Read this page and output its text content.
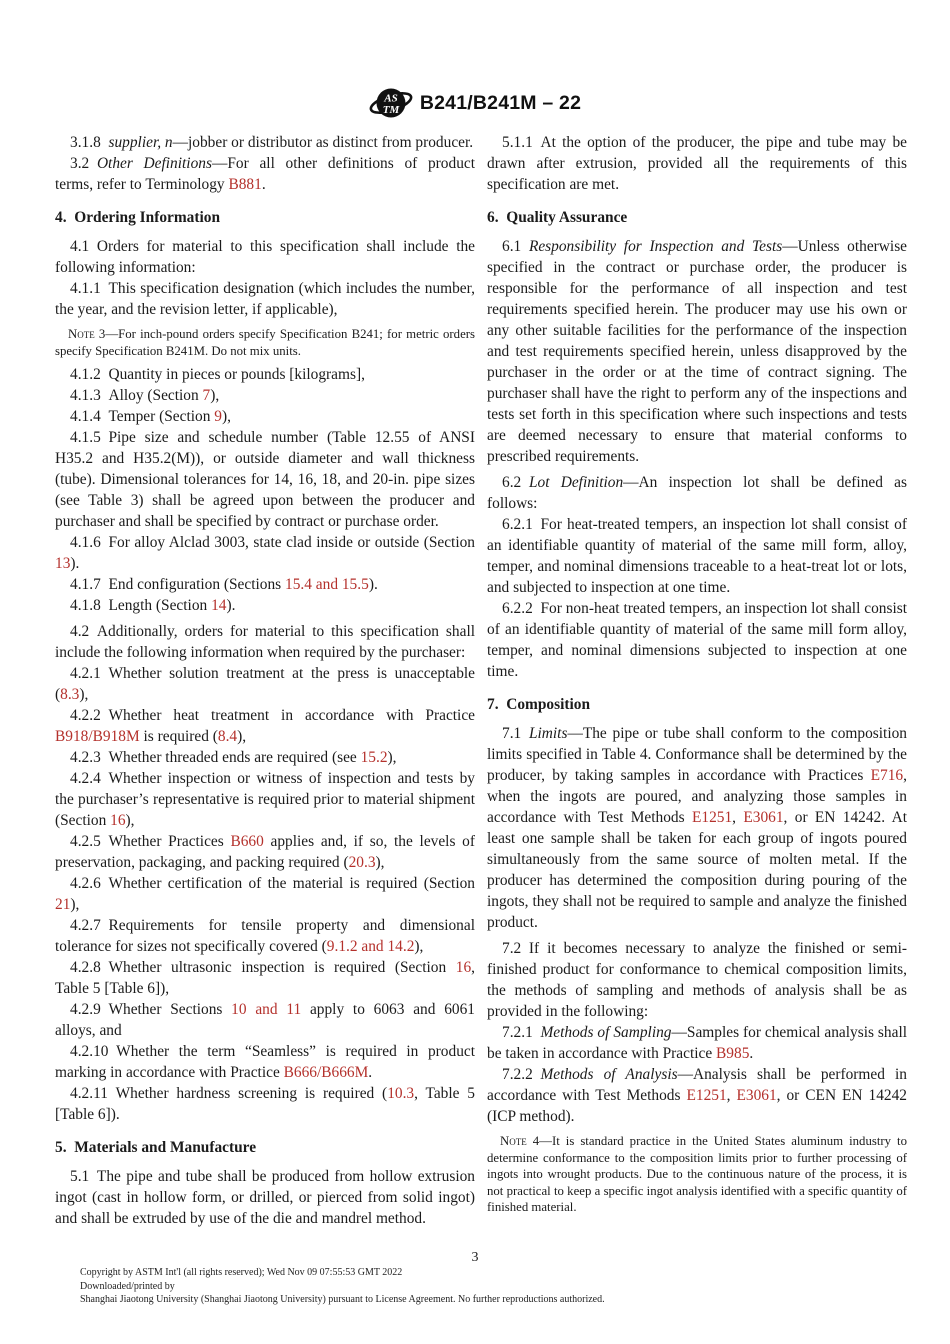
AS
TM B241/B241M – 22
3.1.8 supplier, n—jobber or distributor as distinct from producer.
3.2 Other Definitions—For all other definitions of product terms, refer to Terminology B881.
4. Ordering Information
4.1 Orders for material to this specification shall include the following information:
4.1.1 This specification designation (which includes the number, the year, and the revision letter, if applicable),
Note 3—For inch-pound orders specify Specification B241; for metric orders specify Specification B241M. Do not mix units.
4.1.2 Quantity in pieces or pounds [kilograms],
4.1.3 Alloy (Section 7),
4.1.4 Temper (Section 9),
4.1.5 Pipe size and schedule number (Table 12.55 of ANSI H35.2 and H35.2(M)), or outside diameter and wall thickness (tube). Dimensional tolerances for 14, 16, 18, and 20-in. pipe sizes (see Table 3) shall be agreed upon between the producer and purchaser and shall be specified by contract or purchase order.
4.1.6 For alloy Alclad 3003, state clad inside or outside (Section 13).
4.1.7 End configuration (Sections 15.4 and 15.5).
4.1.8 Length (Section 14).
4.2 Additionally, orders for material to this specification shall include the following information when required by the purchaser:
4.2.1 Whether solution treatment at the press is unacceptable (8.3),
4.2.2 Whether heat treatment in accordance with Practice B918/B918M is required (8.4),
4.2.3 Whether threaded ends are required (see 15.2),
4.2.4 Whether inspection or witness of inspection and tests by the purchaser’s representative is required prior to material shipment (Section 16),
4.2.5 Whether Practices B660 applies and, if so, the levels of preservation, packaging, and packing required (20.3),
4.2.6 Whether certification of the material is required (Section 21),
4.2.7 Requirements for tensile property and dimensional tolerance for sizes not specifically covered (9.1.2 and 14.2),
4.2.8 Whether ultrasonic inspection is required (Section 16, Table 5 [Table 6]),
4.2.9 Whether Sections 10 and 11 apply to 6063 and 6061 alloys, and
4.2.10 Whether the term “Seamless” is required in product marking in accordance with Practice B666/B666M.
4.2.11 Whether hardness screening is required (10.3, Table 5 [Table 6]).
5. Materials and Manufacture
5.1 The pipe and tube shall be produced from hollow extrusion ingot (cast in hollow form, or drilled, or pierced from solid ingot) and shall be extruded by use of the die and mandrel method.
5.1.1 At the option of the producer, the pipe and tube may be drawn after extrusion, provided all the requirements of this specification are met.
6. Quality Assurance
6.1 Responsibility for Inspection and Tests—Unless otherwise specified in the contract or purchase order, the producer is responsible for the performance of all inspection and test requirements specified herein. The producer may use his own or any other suitable facilities for the performance of the inspection and test requirements specified herein, unless disapproved by the purchaser in the order or at the time of contract signing. The purchaser shall have the right to perform any of the inspections and tests set forth in this specification where such inspections and tests are deemed necessary to ensure that material conforms to prescribed requirements.
6.2 Lot Definition—An inspection lot shall be defined as follows:
6.2.1 For heat-treated tempers, an inspection lot shall consist of an identifiable quantity of material of the same mill form, alloy, temper, and nominal dimensions traceable to a heat-treat lot or lots, and subjected to inspection at one time.
6.2.2 For non-heat treated tempers, an inspection lot shall consist of an identifiable quantity of material of the same mill form alloy, temper, and nominal dimensions subjected to inspection at one time.
7. Composition
7.1 Limits—The pipe or tube shall conform to the composition limits specified in Table 4. Conformance shall be determined by the producer, by taking samples in accordance with Practices E716, when the ingots are poured, and analyzing those samples in accordance with Test Methods E1251, E3061, or EN 14242. At least one sample shall be taken for each group of ingots poured simultaneously from the same source of molten metal. If the producer has determined the composition during pouring of the ingots, they shall not be required to sample and analyze the finished product.
7.2 If it becomes necessary to analyze the finished or semi-finished product for conformance to chemical composition limits, the methods of sampling and methods of analysis shall be as provided in the following:
7.2.1 Methods of Sampling—Samples for chemical analysis shall be taken in accordance with Practice B985.
7.2.2 Methods of Analysis—Analysis shall be performed in accordance with Test Methods E1251, E3061, or CEN EN 14242 (ICP method).
Note 4—It is standard practice in the United States aluminum industry to determine conformance to the composition limits prior to further processing of ingots into wrought products. Due to the continuous nature of the process, it is not practical to keep a specific ingot analysis identified with a specific quantity of finished material.
3
Copyright by ASTM Int'l (all rights reserved); Wed Nov 09 07:55:53 GMT 2022
Downloaded/printed by
Shanghai Jiaotong University (Shanghai Jiaotong University) pursuant to License Agreement. No further reproductions authorized.
